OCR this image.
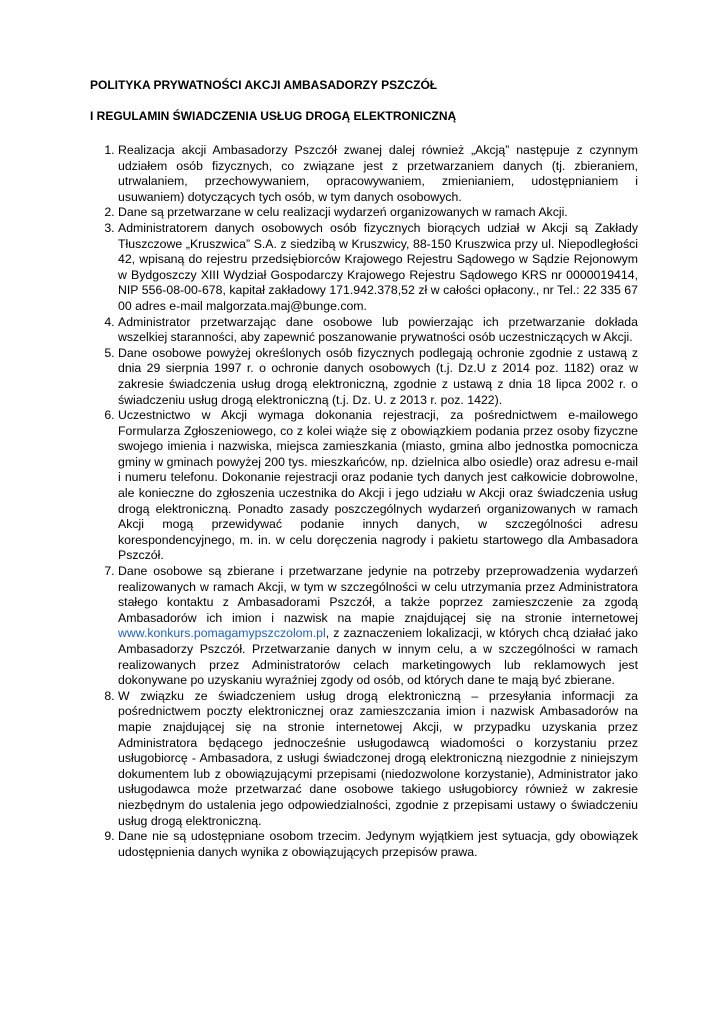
POLITYKA PRYWATNOŚCI AKCJI AMBASADORZY PSZCZÓŁ
I REGULAMIN ŚWIADCZENIA USŁUG DROGĄ ELEKTRONICZNĄ
1. Realizacja akcji Ambasadorzy Pszczół zwanej dalej również „Akcją” następuje z czynnym udziałem osób fizycznych, co związane jest z przetwarzaniem danych (tj. zbieraniem, utrwalaniem, przechowywaniem, opracowywaniem, zmienianiem, udostępnianiem i usuwaniem) dotyczących tych osób, w tym danych osobowych.
2. Dane są przetwarzane w celu realizacji wydarzeń organizowanych w ramach Akcji.
3. Administratorem danych osobowych osób fizycznych biorących udział w Akcji są Zakłady Tłuszczowe „Kruszwica” S.A. z siedzibą w Kruszwicy, 88-150 Kruszwica przy ul. Niepodległości 42, wpisaną do rejestru przedsiębiorców Krajowego Rejestru Sądowego w Sądzie Rejonowym w Bydgoszczy XIII Wydział Gospodarczy Krajowego Rejestru Sądowego KRS nr 0000019414, NIP 556-08-00-678, kapitał zakładowy 171.942.378,52 zł w całości opłacony., nr Tel.: 22 335 67 00 adres e-mail malgorzata.maj@bunge.com.
4. Administrator przetwarzając dane osobowe lub powierzając ich przetwarzanie dokłada wszelkiej staranności, aby zapewnić poszanowanie prywatności osób uczestniczących w Akcji.
5. Dane osobowe powyżej określonych osób fizycznych podlegają ochronie zgodnie z ustawą z dnia 29 sierpnia 1997 r. o ochronie danych osobowych (t.j. Dz.U z 2014 poz. 1182) oraz w zakresie świadczenia usług drogą elektroniczną, zgodnie z ustawą z dnia 18 lipca 2002 r. o świadczeniu usług drogą elektroniczną (t.j. Dz. U. z 2013 r. poz. 1422).
6. Uczestnictwo w Akcji wymaga dokonania rejestracji, za pośrednictwem e-mailowego Formularza Zgłoszeniowego, co z kolei wiąże się z obowiązkiem podania przez osoby fizyczne swojego imienia i nazwiska, miejsca zamieszkania (miasto, gmina albo jednostka pomocnicza gminy w gminach powyżej 200 tys. mieszkańców, np. dzielnica albo osiedle) oraz adresu e-mail i numeru telefonu. Dokonanie rejestracji oraz podanie tych danych jest całkowicie dobrowolne, ale konieczne do zgłoszenia uczestnika do Akcji i jego udziału w Akcji oraz świadczenia usług drogą elektroniczną. Ponadto zasady poszczególnych wydarzeń organizowanych w ramach Akcji mogą przewidywać podanie innych danych, w szczególności adresu korespondencyjnego, m. in. w celu doręczenia nagrody i pakietu startowego dla Ambasadora Pszczół.
7. Dane osobowe są zbierane i przetwarzane jedynie na potrzeby przeprowadzenia wydarzeń realizowanych w ramach Akcji, w tym w szczególności w celu utrzymania przez Administratora stałego kontaktu z Ambasadorami Pszczół, a także poprzez zamieszczenie za zgodą Ambasadorów ich imion i nazwisk na mapie znajdującej się na stronie internetowej www.konkurs.pomagamypszczolom.pl, z zaznaczeniem lokalizacji, w których chcą działać jako Ambasadorzy Pszczół. Przetwarzanie danych w innym celu, a w szczególności w ramach realizowanych przez Administratorów celach marketingowych lub reklamowych jest dokonywane po uzyskaniu wyraźniej zgody od osób, od których dane te mają być zbierane.
8. W związku ze świadczeniem usług drogą elektroniczną – przesyłania informacji za pośrednictwem poczty elektronicznej oraz zamieszczania imion i nazwisk Ambasadorów na mapie znajdującej się na stronie internetowej Akcji, w przypadku uzyskania przez Administratora będącego jednocześnie usługodawcą wiadomości o korzystaniu przez usługobiorcę - Ambasadora, z usługi świadczonej drogą elektroniczną niezgodnie z niniejszym dokumentem lub z obowiązującymi przepisami (niedozwolone korzystanie), Administrator jako usługodawca może przetwarzać dane osobowe takiego usługobiorcy również w zakresie niezbędnym do ustalenia jego odpowiedzialności, zgodnie z przepisami ustawy o świadczeniu usług drogą elektroniczną.
9. Dane nie są udostępniane osobom trzecim. Jedynym wyjątkiem jest sytuacja, gdy obowiązek udostępnienia danych wynika z obowiązujących przepisów prawa.
